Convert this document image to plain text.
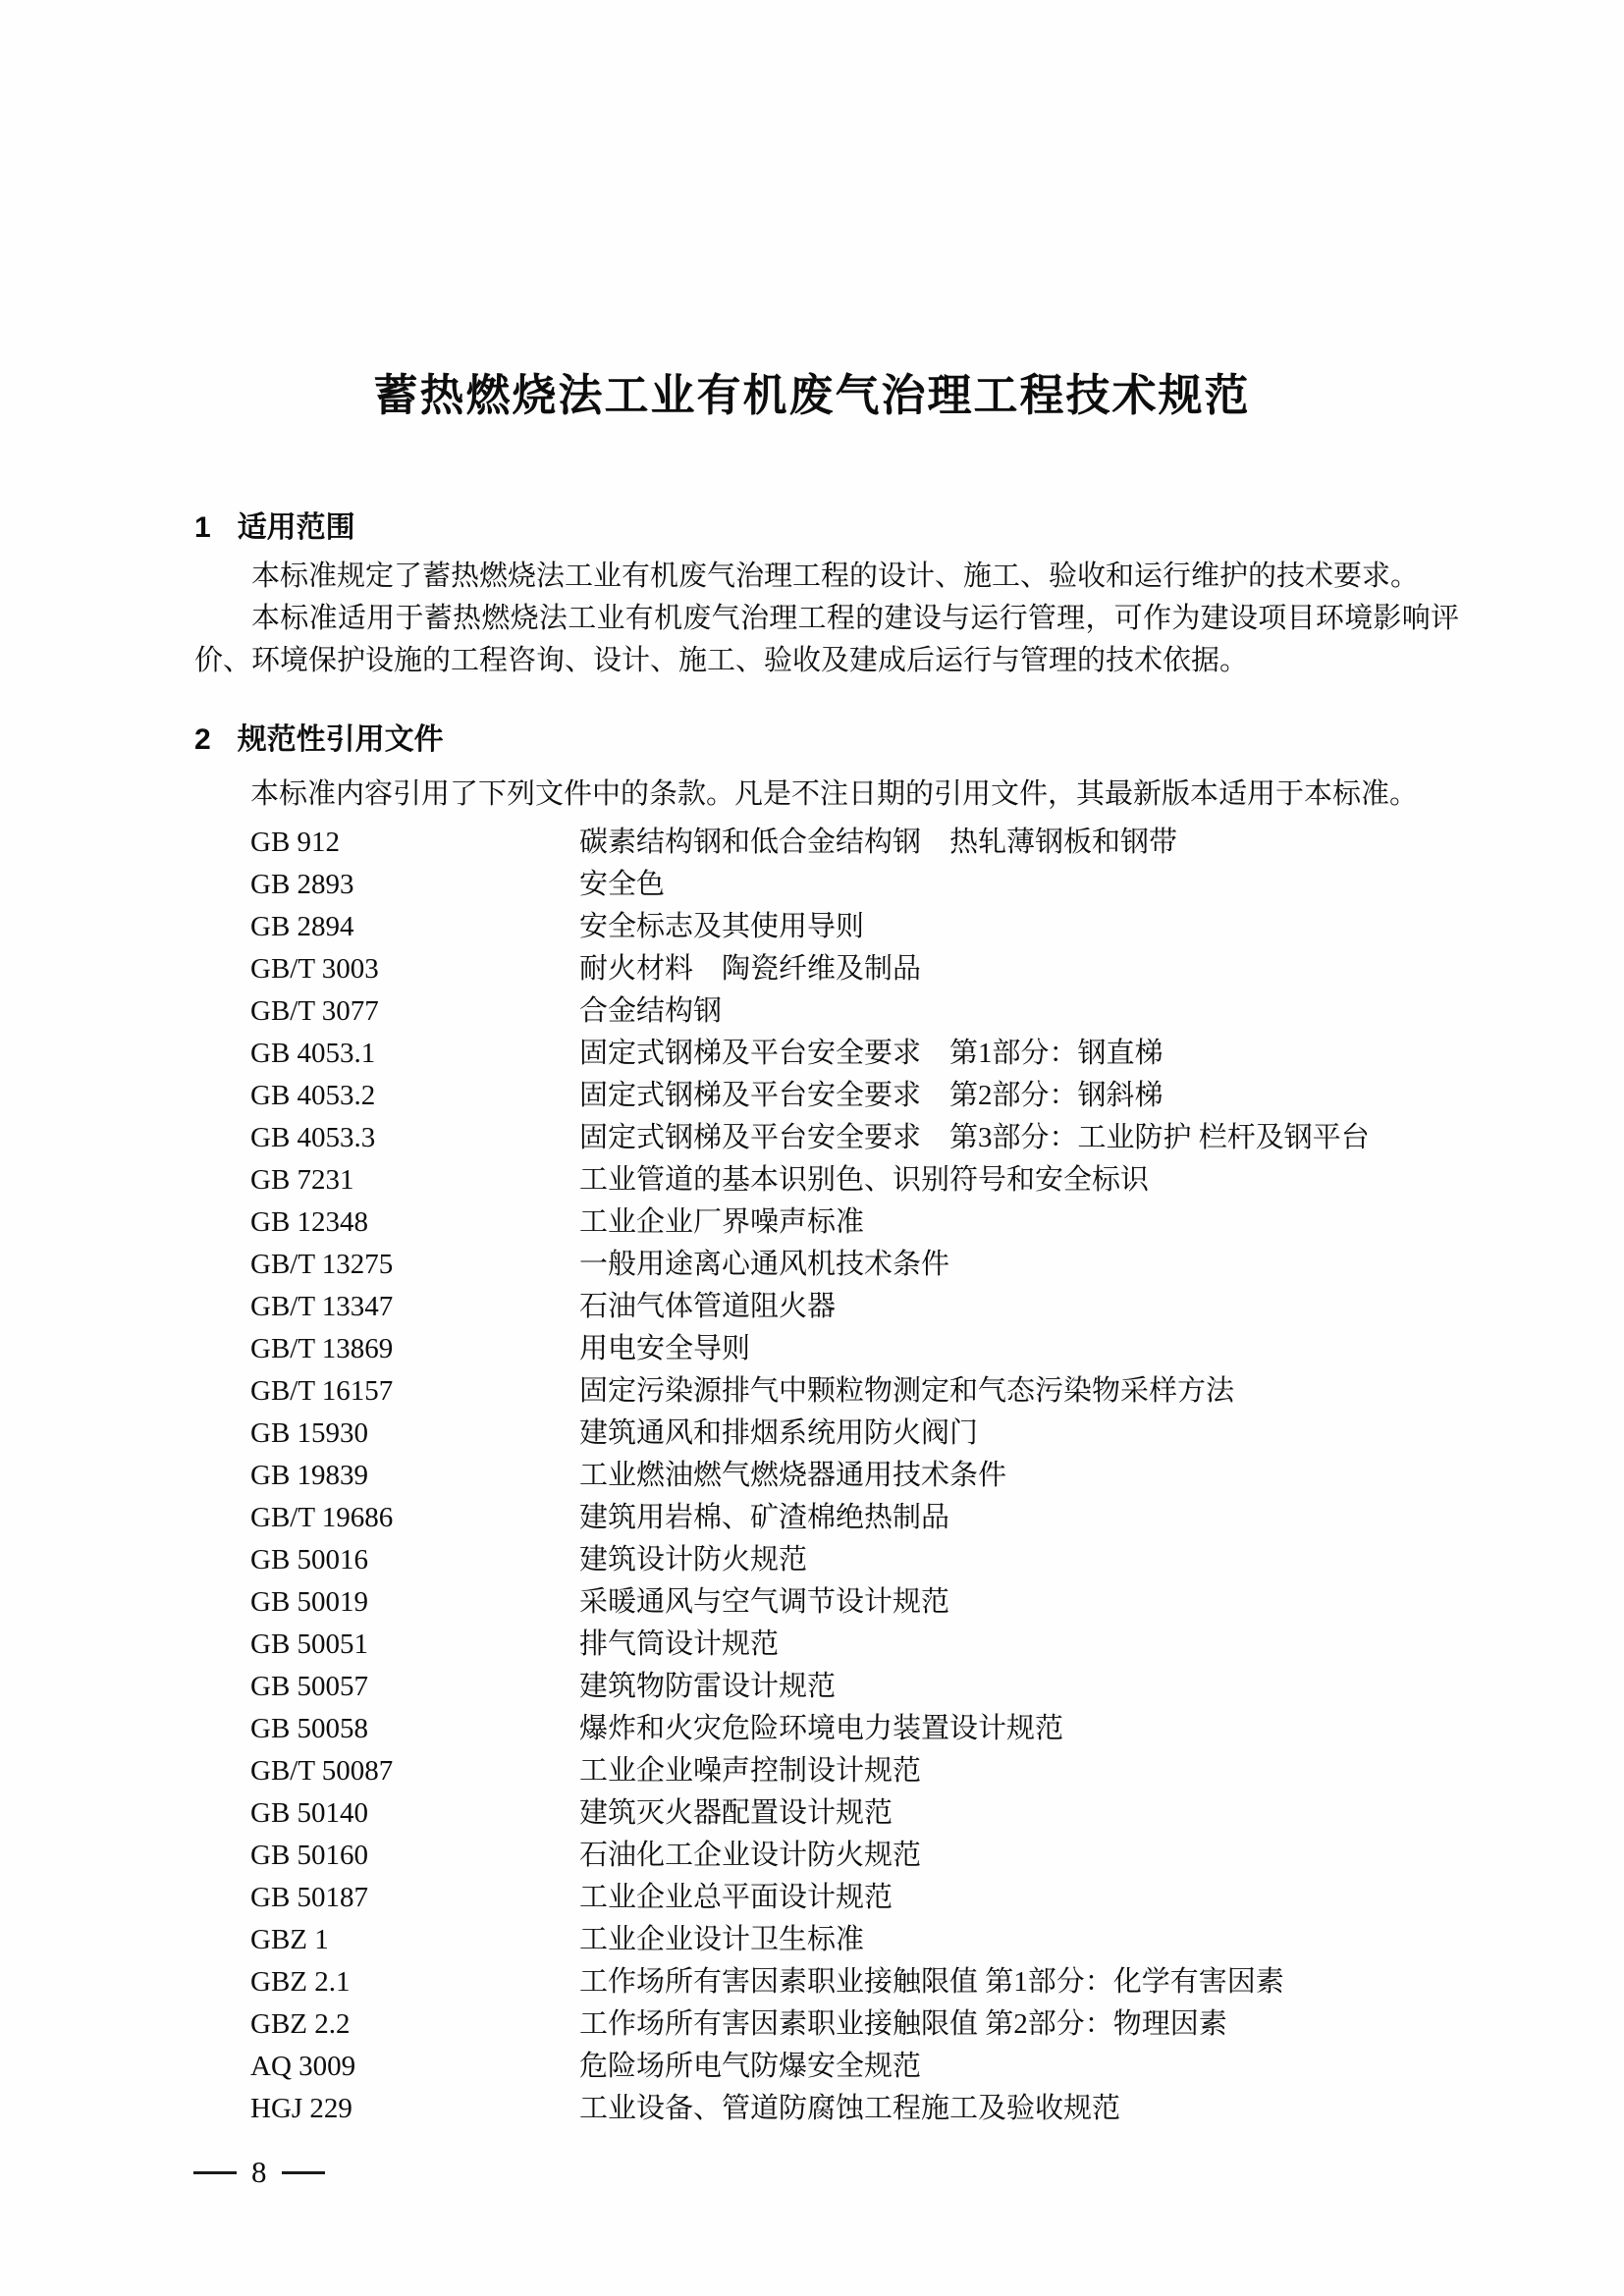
蓄热燃烧法工业有机废气治理工程技术规范
1 适用范围

本标准规定了蓄热燃烧法工业有机废气治理工程的设计、施工、验收和运行维护的技术要求。

本标准适用于蓄热燃烧法工业有机废气治理工程的建设与运行管理，可作为建设项目环境影响评价、环境保护设施的工程咨询、设计、施工、验收及建成后运行与管理的技术依据。

2 规范性引用文件

本标准内容引用了下列文件中的条款。凡是不注日期的引用文件，其最新版本适用于本标准。

GB 912	碳素结构钢和低合金结构钢　热轧薄钢板和钢带
GB 2893	安全色
GB 2894	安全标志及其使用导则
GB/T 3003	耐火材料　陶瓷纤维及制品
GB/T 3077	合金结构钢
GB 4053.1	固定式钢梯及平台安全要求　第1部分：钢直梯
GB 4053.2	固定式钢梯及平台安全要求　第2部分：钢斜梯
GB 4053.3	固定式钢梯及平台安全要求　第3部分：工业防护 栏杆及钢平台
GB 7231	工业管道的基本识别色、识别符号和安全标识
GB 12348	工业企业厂界噪声标准
GB/T 13275	一般用途离心通风机技术条件
GB/T 13347	石油气体管道阻火器
GB/T 13869	用电安全导则
GB/T 16157	固定污染源排气中颗粒物测定和气态污染物采样方法
GB 15930	建筑通风和排烟系统用防火阀门
GB 19839	工业燃油燃气燃烧器通用技术条件
GB/T 19686	建筑用岩棉、矿渣棉绝热制品
GB 50016	建筑设计防火规范
GB 50019	采暖通风与空气调节设计规范
GB 50051	排气筒设计规范
GB 50057	建筑物防雷设计规范
GB 50058	爆炸和火灾危险环境电力装置设计规范
GB/T 50087	工业企业噪声控制设计规范
GB 50140	建筑灭火器配置设计规范
GB 50160	石油化工企业设计防火规范
GB 50187	工业企业总平面设计规范
GBZ 1	工业企业设计卫生标准
GBZ 2.1	工作场所有害因素职业接触限值 第1部分：化学有害因素
GBZ 2.2	工作场所有害因素职业接触限值 第2部分：物理因素
AQ 3009	危险场所电气防爆安全规范
HGJ 229	工业设备、管道防腐蚀工程施工及验收规范
8
